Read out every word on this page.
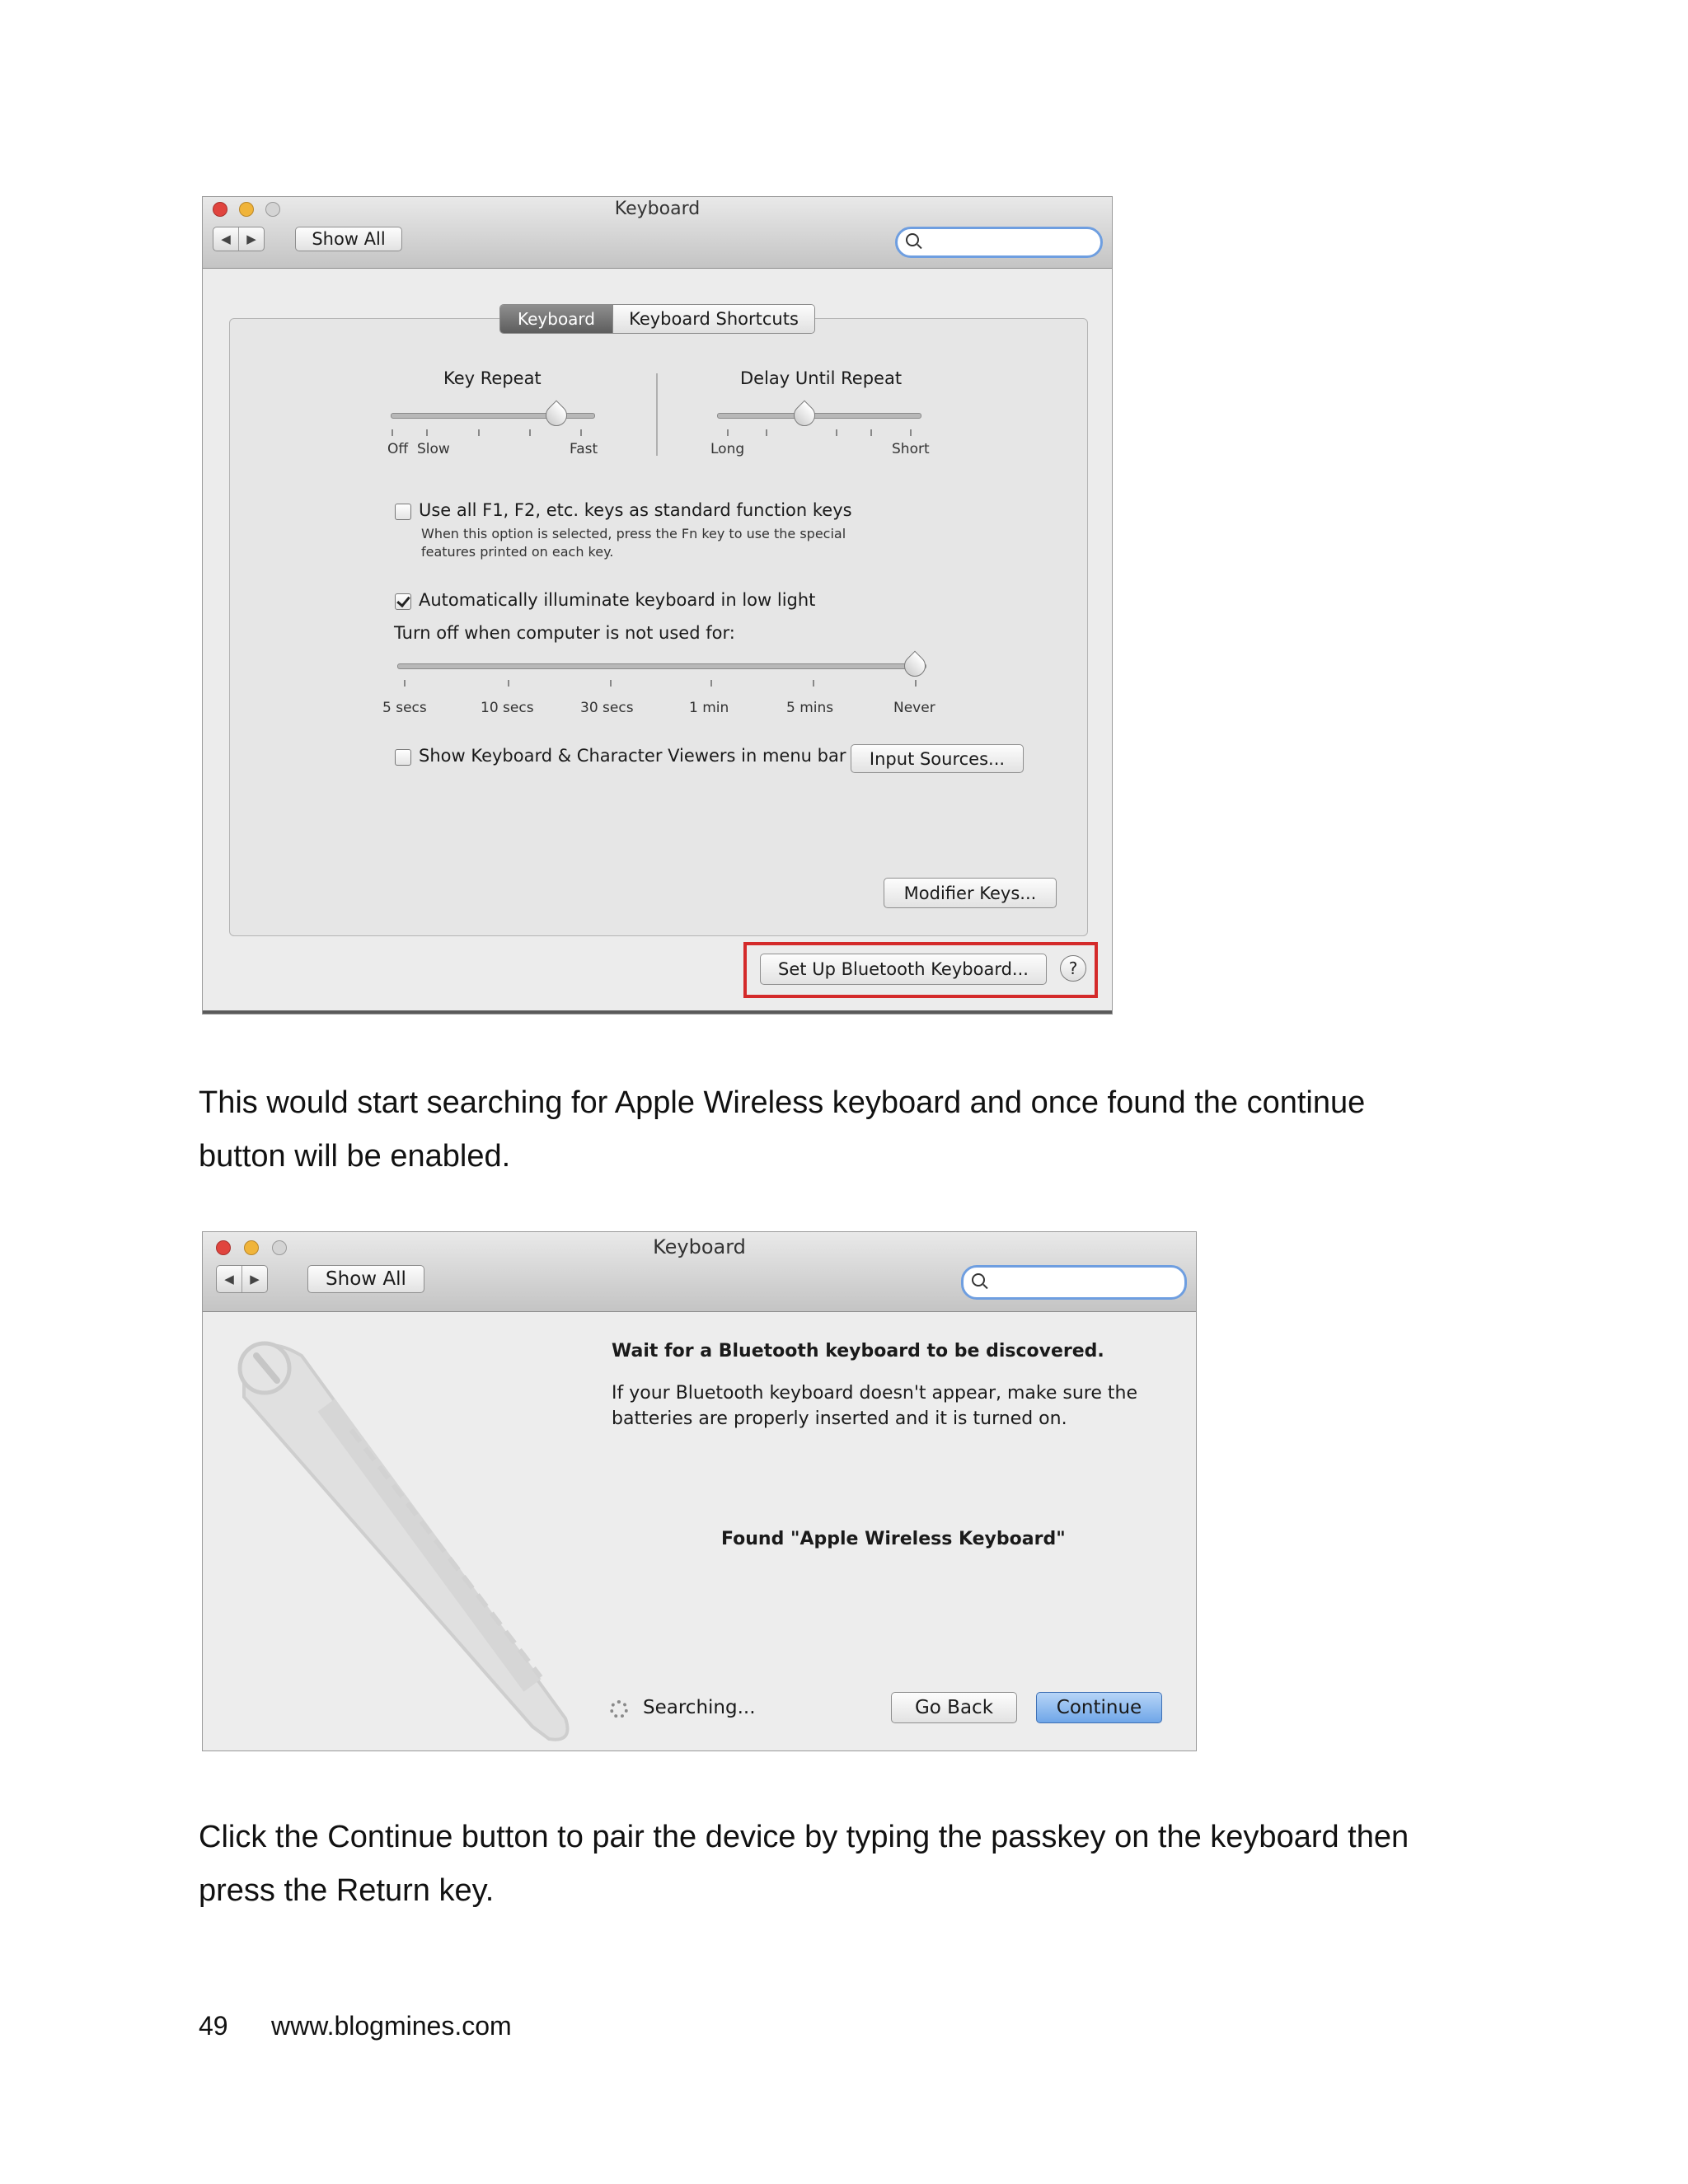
Keyboard
◀	▶	Show All
Keyboard	Keyboard Shortcuts
Key Repeat
Off Slow	Fast
Delay Until Repeat
Long	Short
Use all F1, F2, etc. keys as standard function keys
When this option is selected, press the Fn key to use the special
features printed on each key.
Automatically illuminate keyboard in low light
Turn off when computer is not used for:
5 secs	10 secs	30 secs	1 min	5 mins	Never
Show Keyboard & Character Viewers in menu bar	Input Sources...
Modifier Keys...
Set Up Bluetooth Keyboard...	?
This would start searching for Apple Wireless keyboard and once found the continue
button will be enabled.
Keyboard
◀	▶	Show All
Wait for a Bluetooth keyboard to be discovered.
If your Bluetooth keyboard doesn't appear, make sure the
batteries are properly inserted and it is turned on.
Found "Apple Wireless Keyboard"
Searching...	Go Back	Continue
Click the Continue button to pair the device by typing the passkey on the keyboard then
press the Return key.
49 www.blogmines.com
